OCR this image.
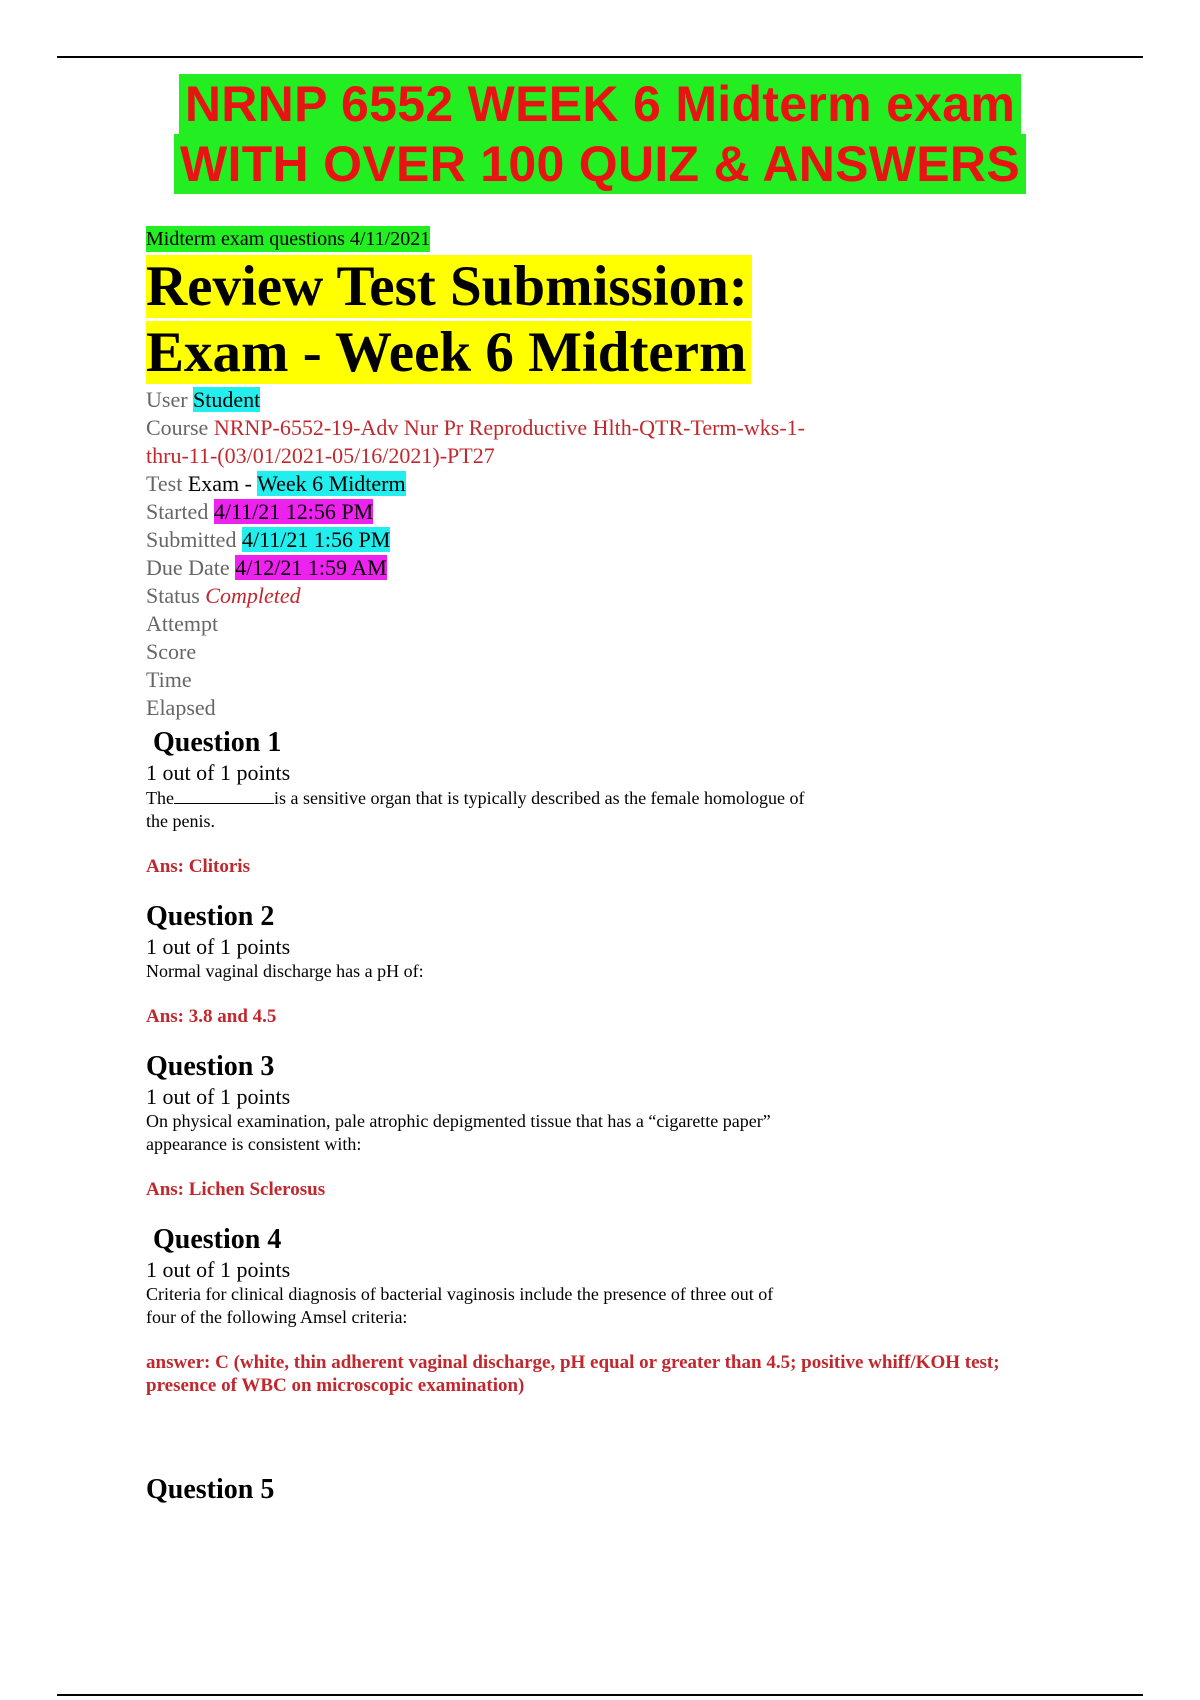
NRNP 6552 WEEK 6 Midterm exam
WITH OVER 100 QUIZ & ANSWERS
Midterm exam questions 4/11/2021
Review Test Submission:
Exam - Week 6 Midterm
User Student
Course NRNP-6552-19-Adv Nur Pr Reproductive Hlth-QTR-Term-wks-1-
thru-11-(03/01/2021-05/16/2021)-PT27
Test Exam - Week 6 Midterm
Started 4/11/21 12:56 PM
Submitted 4/11/21 1:56 PM
Due Date 4/12/21 1:59 AM
Status Completed
Attempt
Score
Time
Elapsed
Question 1
1 out of 1 points
The	is a sensitive organ that is typically described as the female homologue of
the penis.
Ans: Clitoris
Question 2
1 out of 1 points
Normal vaginal discharge has a pH of:
Ans: 3.8 and 4.5
Question 3
1 out of 1 points
On physical examination, pale atrophic depigmented tissue that has a “cigarette paper”
appearance is consistent with:
Ans: Lichen Sclerosus
Question 4
1 out of 1 points
Criteria for clinical diagnosis of bacterial vaginosis include the presence of three out of
four of the following Amsel criteria:
answer: C (white, thin adherent vaginal discharge, pH equal or greater than 4.5; positive whiff/KOH test;
presence of WBC on microscopic examination)
Question 5
